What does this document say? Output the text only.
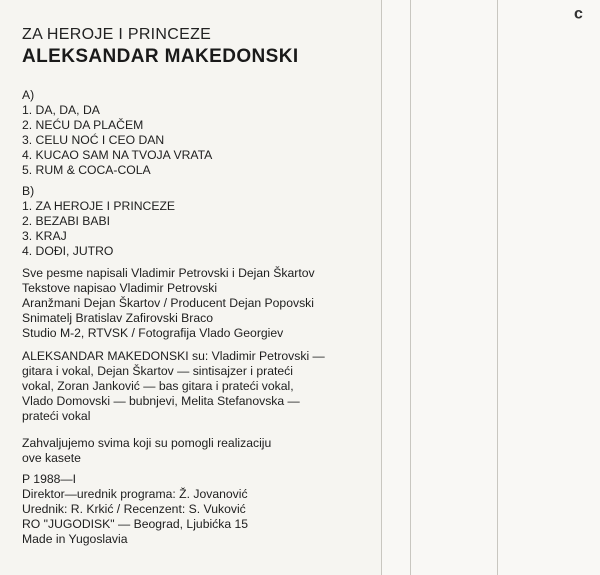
ɔ
ZA HEROJE I PRINCEZE
ALEKSANDAR MAKEDONSKI
A)
1. DA, DA, DA
2. NEĆU DA PLAČEM
3. CELU NOĆ I CEO DAN
4. KUCAO SAM NA TVOJA VRATA
5. RUM & COCA-COLA
B)
1. ZA HEROJE I PRINCEZE
2. BEZABI BABI
3. KRAJ
4. DOĐI, JUTRO
Sve pesme napisali Vladimir Petrovski i Dejan Škartov
Tekstove napisao Vladimir Petrovski
Aranžmani Dejan Škartov / Producent Dejan Popovski
Snimatelj Bratislav Zafirovski Braco
Studio M-2, RTVSK / Fotografija Vlado Georgiev
ALEKSANDAR MAKEDONSKI su: Vladimir Petrovski —
gitara i vokal, Dejan Škartov — sintisajzer i prateći
vokal, Zoran Janković — bas gitara i prateći vokal,
Vlado Domovski — bubnjevi, Melita Stefanovska —
prateći vokal
Zahvaljujemo svima koji su pomogli realizaciju
ove kasete
P 1988—I
Direktor—urednik programa: Ž. Jovanović
Urednik: R. Krkić / Recenzent: S. Vuković
RO "JUGODISK" — Beograd, Ljubićka 15
Made in Yugoslavia
